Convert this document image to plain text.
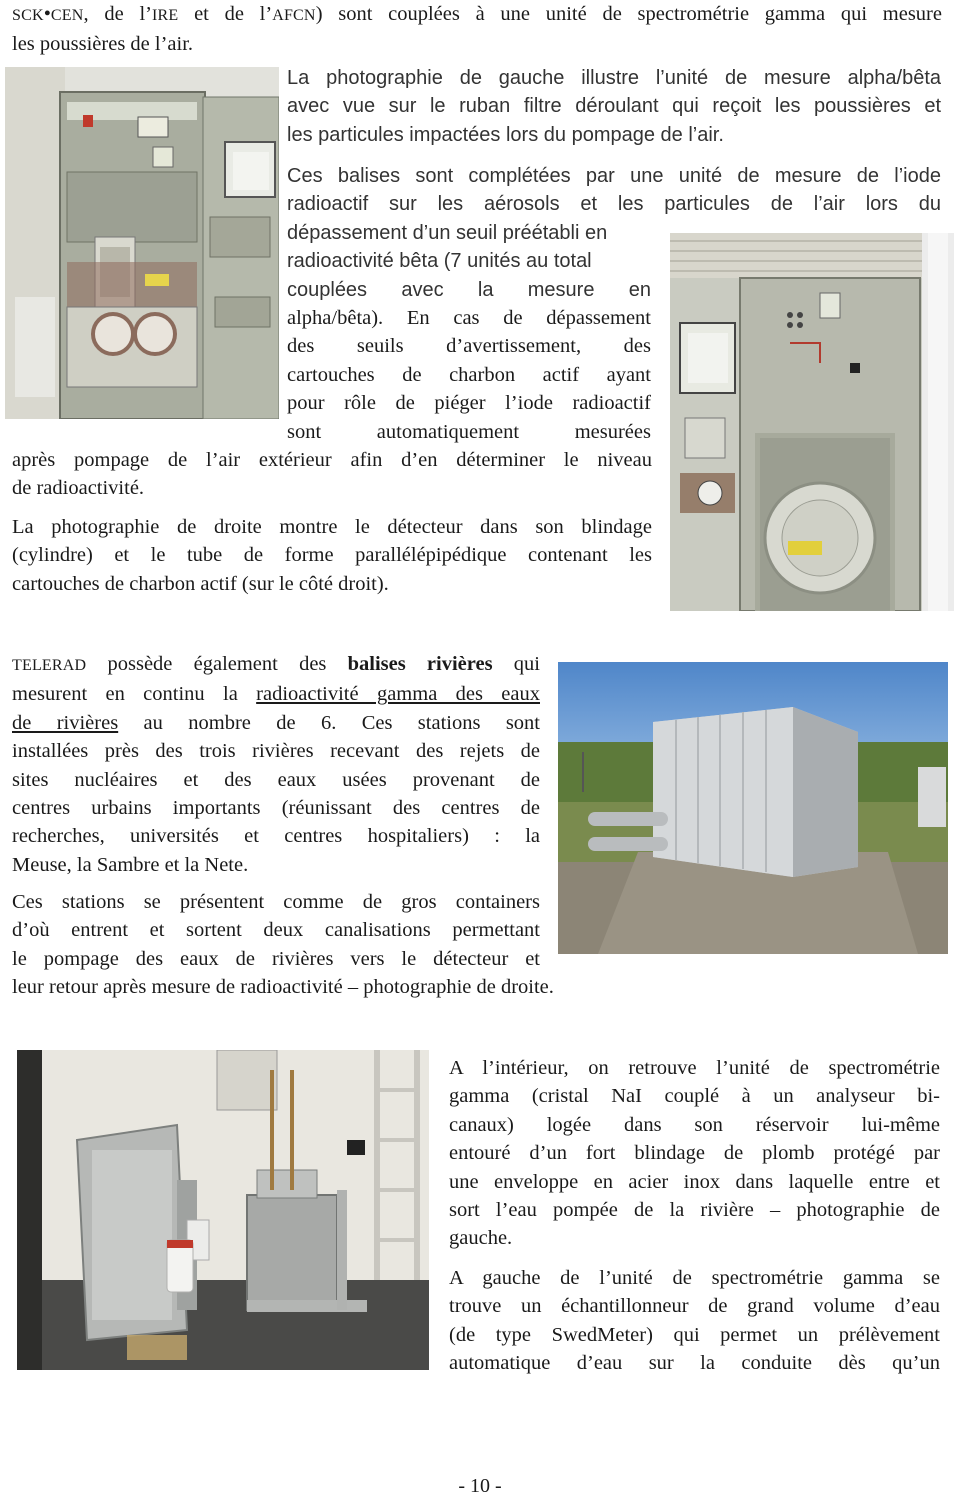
SCK•CEN, de l’IRE et de l’AFCN) sont couplées à une unité de spectrométrie gamma qui mesure
les poussières de l’air.

La photographie de gauche illustre l’unité de mesure alpha/bêta
avec vue sur le ruban filtre déroulant qui reçoit les poussières et
les particules impactées lors du pompage de l’air.

Ces balises sont complétées par une unité de mesure de l’iode
radioactif sur les aérosols et les particules de l’air lors du

dépassement d’un seuil préétabli en
radioactivité bêta (7 unités au total
couplées avec la mesure en

alpha/bêta). En cas de dépassement
des seuils d’avertissement, des
cartouches de charbon actif ayant
pour rôle de piéger l’iode radioactif
sont automatiquement mesurées

après pompage de l’air extérieur afin d’en déterminer le niveau
de radioactivité.

La photographie de droite montre le détecteur dans son blindage
(cylindre) et le tube de forme parallélépipédique contenant les
cartouches de charbon actif (sur le côté droit).

TELERAD possède également des balises rivières qui
mesurent en continu la radioactivité gamma des eaux
de rivières au nombre de 6. Ces stations sont
installées près des trois rivières recevant des rejets de
sites nucléaires et des eaux usées provenant de
centres urbains importants (réunissant des centres de
recherches, universités et centres hospitaliers) : la
Meuse, la Sambre et la Nete.

Ces stations se présentent comme de gros containers
d’où entrent et sortent deux canalisations permettant
le pompage des eaux de rivières vers le détecteur et
leur retour après mesure de radioactivité – photographie de droite.

A l’intérieur, on retrouve l’unité de spectrométrie
gamma (cristal NaI couplé à un analyseur bi-
canaux) logée dans son réservoir lui-même
entouré d’un fort blindage de plomb protégé par
une enveloppe en acier inox dans laquelle entre et
sort l’eau pompée de la rivière – photographie de
gauche.

A gauche de l’unité de spectrométrie gamma se
trouve un échantillonneur de grand volume d’eau
(de type SwedMeter) qui permet un prélèvement
automatique d’eau sur la conduite dès qu’un

- 10 -
